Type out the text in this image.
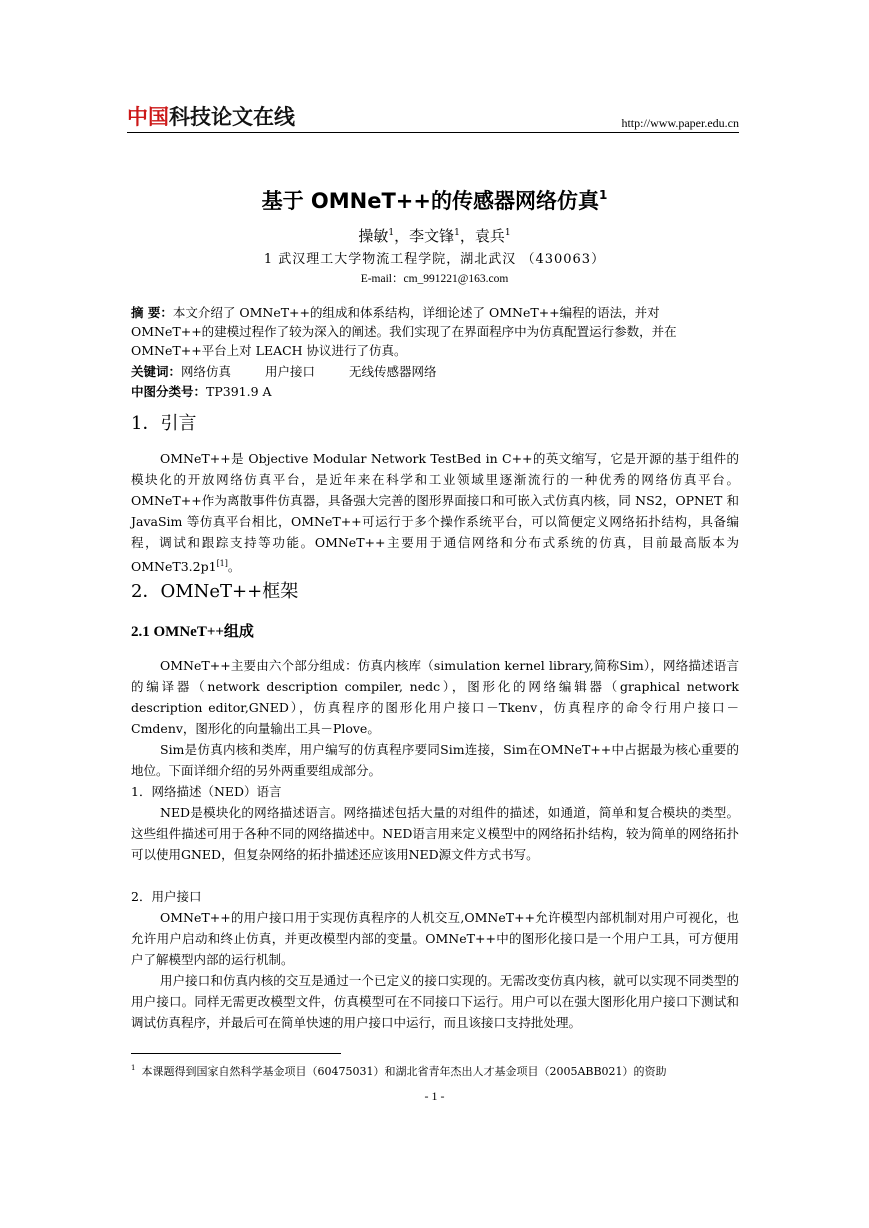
中国科技论文在线	http://www.paper.edu.cn
基于 OMNeT++的传感器网络仿真$^1$
操敏$^1$，李文锋$^1$，袁兵$^1$
1 武汉理工大学物流工程学院，湖北武汉 （430063）
E-mail：cm_991221@163.com
摘 要：本文介绍了 OMNeT++的组成和体系结构，详细论述了 OMNeT++编程的语法，并对OMNeT++的建模过程作了较为深入的阐述。我们实现了在界面程序中为仿真配置运行参数，并在 OMNeT++平台上对 LEACH 协议进行了仿真。
关键词：网络仿真	用户接口	无线传感器网络
中图分类号：TP391.9 A
1．引言
OMNeT++是 Objective Modular Network TestBed in C++的英文缩写，它是开源的基于组件的模块化的开放网络仿真平台，是近年来在科学和工业领域里逐渐流行的一种优秀的网络仿真平台。OMNeT++作为离散事件仿真器，具备强大完善的图形界面接口和可嵌入式仿真内核，同 NS2，OPNET 和 JavaSim 等仿真平台相比，OMNeT++可运行于多个操作系统平台，可以简便定义网络拓扑结构，具备编程，调试和跟踪支持等功能。OMNeT++主要用于通信网络和分布式系统的仿真，目前最高版本为 OMNeT3.2p1[1]。
2．OMNeT++框架
2.1 OMNeT++组成
OMNeT++主要由六个部分组成：仿真内核库（simulation kernel library,简称Sim），网络描述语言的编译器（network description compiler, nedc），图形化的网络编辑器（graphical network description editor,GNED），仿真程序的图形化用户接口－Tkenv，仿真程序的命令行用户接口－Cmdenv，图形化的向量输出工具－Plove。
Sim是仿真内核和类库，用户编写的仿真程序要同Sim连接，Sim在OMNeT++中占据最为核心重要的地位。下面详细介绍的另外两重要组成部分。
1．网络描述（NED）语言
NED是模块化的网络描述语言。网络描述包括大量的对组件的描述，如通道，简单和复合模块的类型。这些组件描述可用于各种不同的网络描述中。NED语言用来定义模型中的网络拓扑结构，较为简单的网络拓扑可以使用GNED，但复杂网络的拓扑描述还应该用NED源文件方式书写。
2．用户接口
OMNeT++的用户接口用于实现仿真程序的人机交互,OMNeT++允许模型内部机制对用户可视化，也允许用户启动和终止仿真，并更改模型内部的变量。OMNeT++中的图形化接口是一个用户工具，可方便用户了解模型内部的运行机制。
用户接口和仿真内核的交互是通过一个已定义的接口实现的。无需改变仿真内核，就可以实现不同类型的用户接口。同样无需更改模型文件，仿真模型可在不同接口下运行。用户可以在强大图形化用户接口下测试和调试仿真程序，并最后可在简单快速的用户接口中运行，而且该接口支持批处理。
$^1$ 本课题得到国家自然科学基金项目（60475031）和湖北省青年杰出人才基金项目（2005ABB021）的资助
- 1 -
